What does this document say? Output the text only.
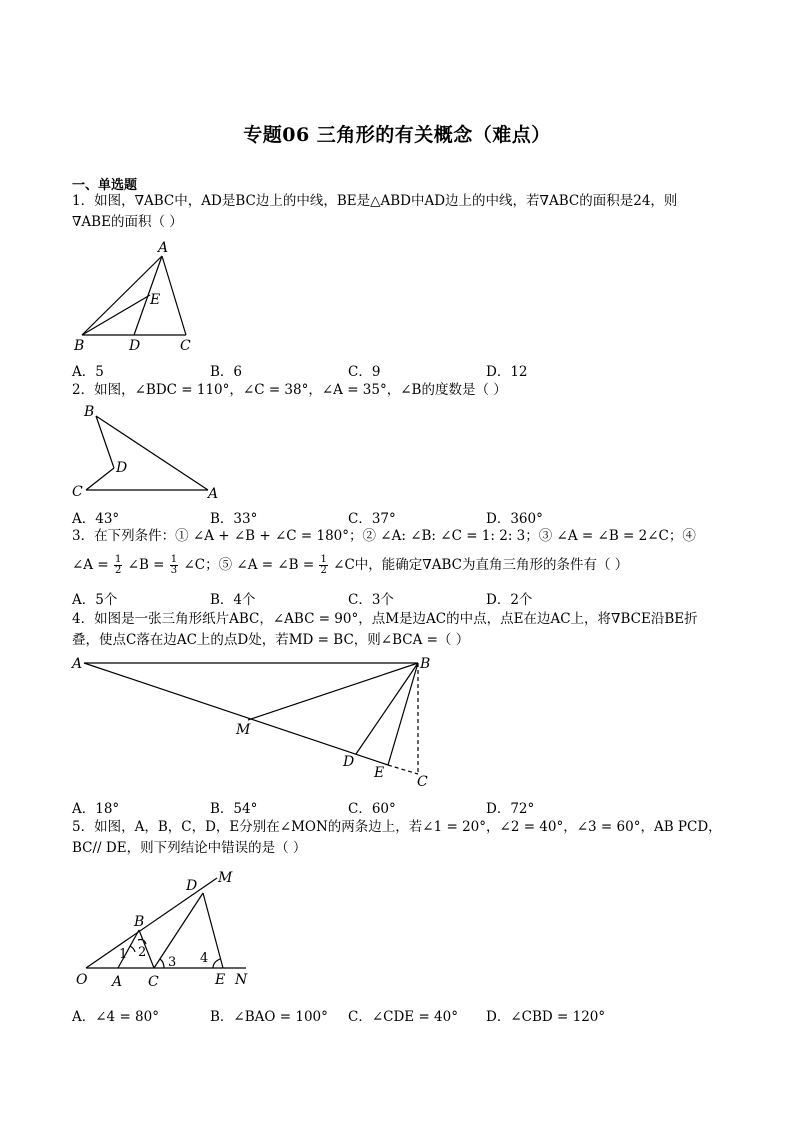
专题06 三角形的有关概念（难点）
一、单选题
1．如图，∇ABC中，AD是BC边上的中线，BE是△ABD中AD边上的中线，若∇ABC的面积是24，则
∇ABE的面积（ ）
A
E
B	D	C
A．5	B．6	C．9	D．12
2．如图，∠BDC = 110°，∠C = 38°，∠A = 35°，∠B的度数是（ ）
B
D
C	A
A．43°	B．33°	C．37°	D．360°
3．在下列条件：① ∠A + ∠B + ∠C = 180°；② ∠A: ∠B: ∠C = 1: 2: 3；③ ∠A = ∠B = 2∠C；④
∠A = $\frac{1}{2}$ ∠B = $\frac{1}{3}$ ∠C；⑤ ∠A = ∠B = $\frac{1}{2}$ ∠C中，能确定∇ABC为直角三角形的条件有（ ）
A．5个	B．4个	C．3个	D．2个
4．如图是一张三角形纸片ABC，∠ABC = 90°，点M是边AC的中点，点E在边AC上，将∇BCE沿BE折
叠，使点C落在边AC上的点D处，若MD = BC，则∠BCA =（ ）
A	B
M
D
E
C
A．18°	B．54°	C．60°	D．72°
5．如图，A，B，C，D，E分别在∠MON的两条边上，若∠1 = 20°，∠2 = 40°，∠3 = 60°，AB PCD，
BC// DE，则下列结论中错误的是（ ）
D M
B
1 2
3 4
O A C	E N
A．∠4 = 80°	B．∠BAO = 100° C．∠CDE = 40° D．∠CBD = 120°
